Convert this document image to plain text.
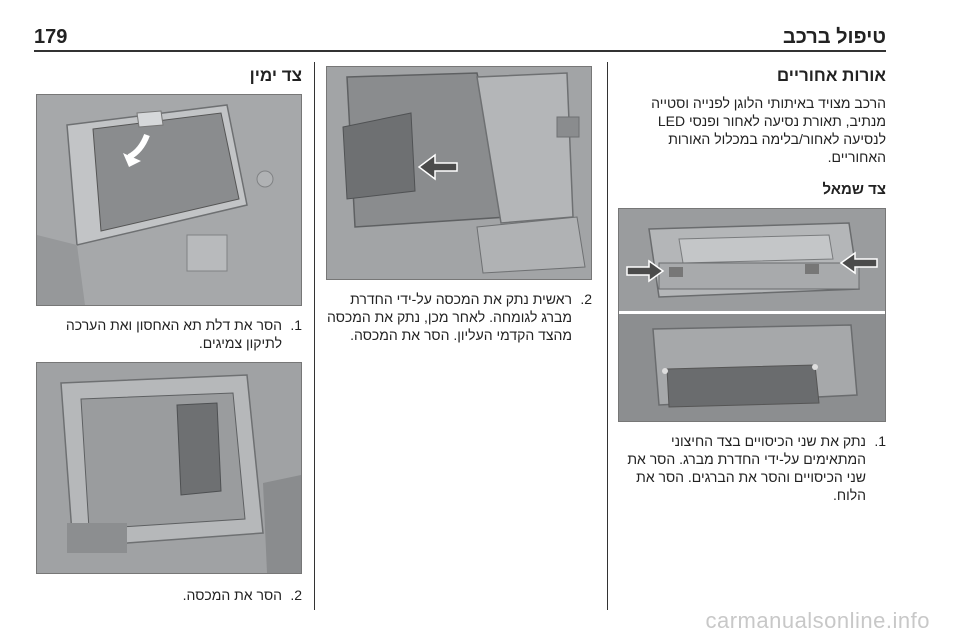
טיפול ברכב
179
אורות אחוריים

הרכב מצויד באיתותי הלוגן לפנייה וסטייה מנתיב, תאורת נסיעה לאחור ופנסי LED לנסיעה לאחור/בלימה במכלול האורות האחוריים.

צד שמאל
1.
נתק את שני הכיסויים בצד החיצוני המתאימים על-ידי החדרת מברג. הסר את שני הכיסויים והסר את הברגים. הסר את הלוח.
2.
ראשית נתק את המכסה על-ידי החדרת מברג לגומחה. לאחר מכן, נתק את המכסה מהצד הקדמי העליון. הסר את המכסה.
צד ימין
1.
הסר את דלת תא האחסון ואת הערכה לתיקון צמיגים.
2.
הסר את המכסה.
carmanualsonline.info
